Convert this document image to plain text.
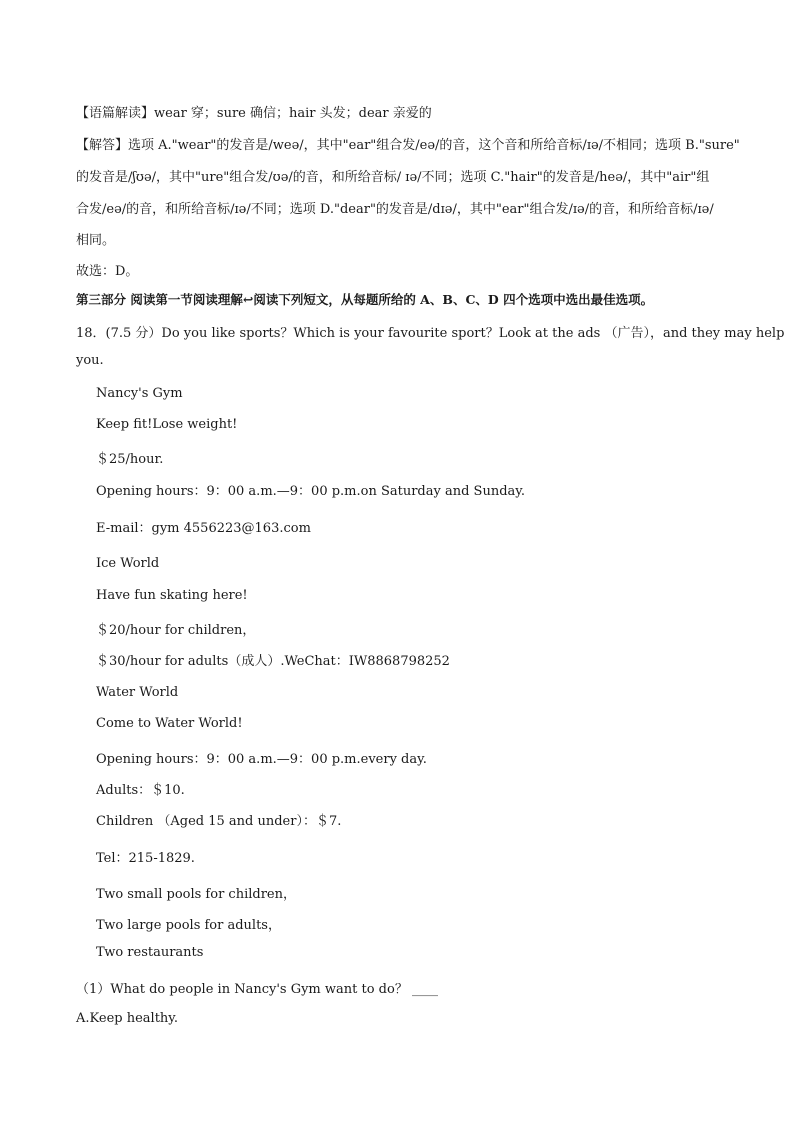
【语篇解读】wear 穿；sure 确信；hair 头发；dear 亲爱的
【解答】选项 A."wear"的发音是/weə/，其中"ear"组合发/eə/的音，这个音和所给音标/ɪə/不相同；选项 B."sure"
的发音是/ʃʊə/，其中"ure"组合发/ʊə/的音，和所给音标/ ɪə/不同；选项 C."hair"的发音是/heə/，其中"air"组
合发/eə/的音，和所给音标/ɪə/不同；选项 D."dear"的发音是/dɪə/，其中"ear"组合发/ɪə/的音，和所给音标/ɪə/
相同。
故选：D。
第三部分 阅读第一节阅读理解↩阅读下列短文，从每题所给的 A、B、C、D 四个选项中选出最佳选项。
18．(7.5 分）Do you like sports？Which is your favourite sport？Look at the ads （广告），and they may help
you.
Nancy's Gym
Keep fit!Lose weight!
＄25/hour.
Opening hours：9：00 a.m.—9：00 p.m.on Saturday and Sunday.
E-mail：gym 4556223@163.com
Ice World
Have fun skating here!
＄20/hour for children，
＄30/hour for adults（成人）.WeChat：IW8868798252
Water World
Come to Water World!
Opening hours：9：00 a.m.—9：00 p.m.every day.
Adults：＄10.
Children （Aged 15 and under）：＄7.
Tel：215-1829.
Two small pools for children，
Two large pools for adults，
Two restaurants
（1）What do people in Nancy's Gym want to do？ ____
A.Keep healthy.
